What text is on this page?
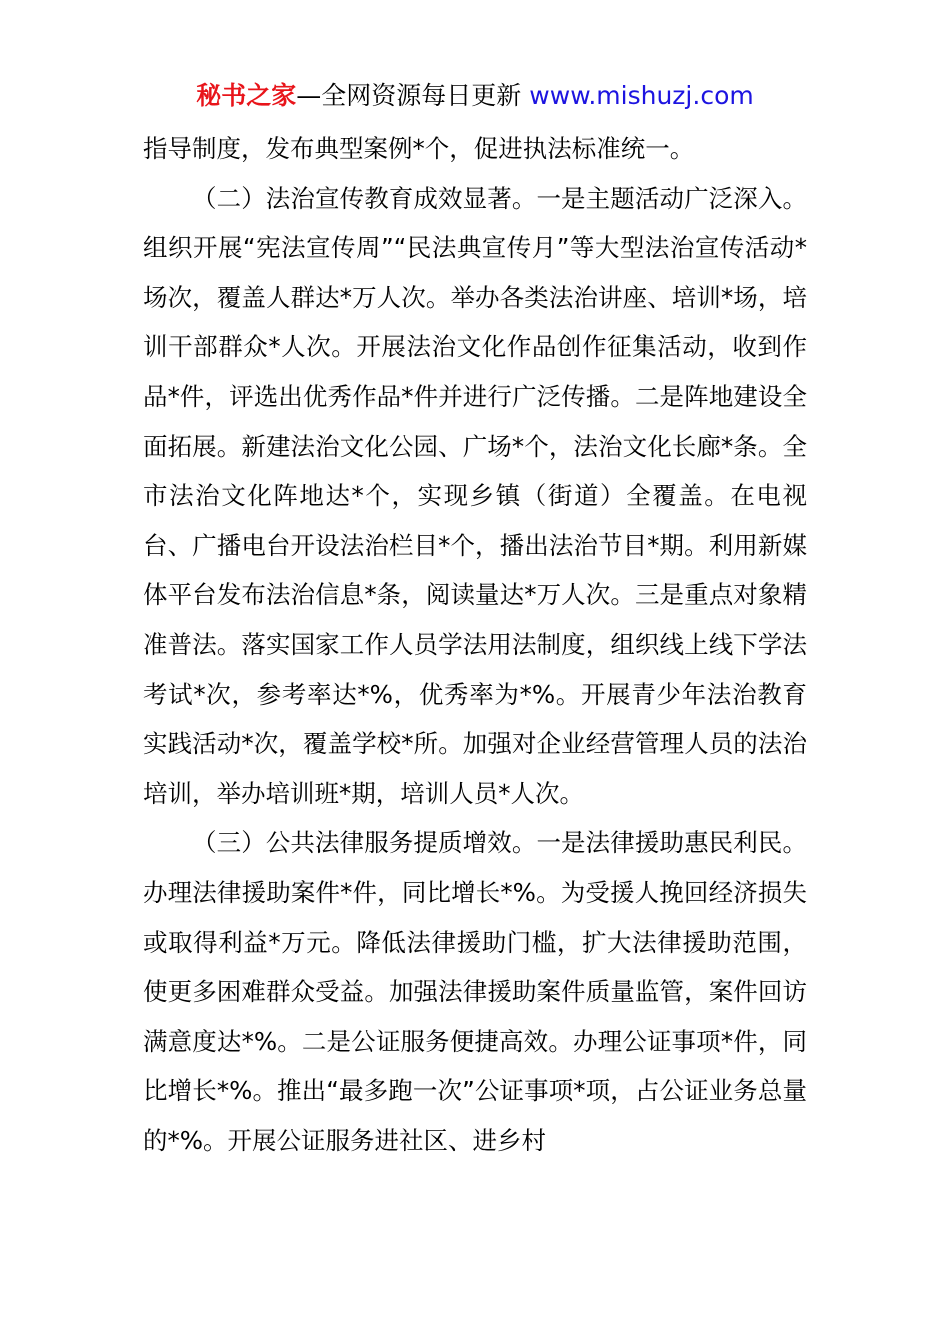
秘书之家—全网资源每日更新 www.mishuzj.com

指导制度，发布典型案例*个，促进执法标准统一。

（二）法治宣传教育成效显著。一是主题活动广泛深入。组织开展“宪法宣传周”“民法典宣传月”等大型法治宣传活动*场次，覆盖人群达*万人次。举办各类法治讲座、培训*场，培训干部群众*人次。开展法治文化作品创作征集活动，收到作品*件，评选出优秀作品*件并进行广泛传播。二是阵地建设全面拓展。新建法治文化公园、广场*个，法治文化长廊*条。全市法治文化阵地达*个，实现乡镇（街道）全覆盖。在电视台、广播电台开设法治栏目*个，播出法治节目*期。利用新媒体平台发布法治信息*条，阅读量达*万人次。三是重点对象精准普法。落实国家工作人员学法用法制度，组织线上线下学法考试*次，参考率达*%，优秀率为*%。开展青少年法治教育实践活动*次，覆盖学校*所。加强对企业经营管理人员的法治培训，举办培训班*期，培训人员*人次。

（三）公共法律服务提质增效。一是法律援助惠民利民。办理法律援助案件*件，同比增长*%。为受援人挽回经济损失或取得利益*万元。降低法律援助门槛，扩大法律援助范围，使更多困难群众受益。加强法律援助案件质量监管，案件回访满意度达*%。二是公证服务便捷高效。办理公证事项*件，同比增长*%。推出“最多跑一次”公证事项*项，占公证业务总量的*%。开展公证服务进社区、进乡村
